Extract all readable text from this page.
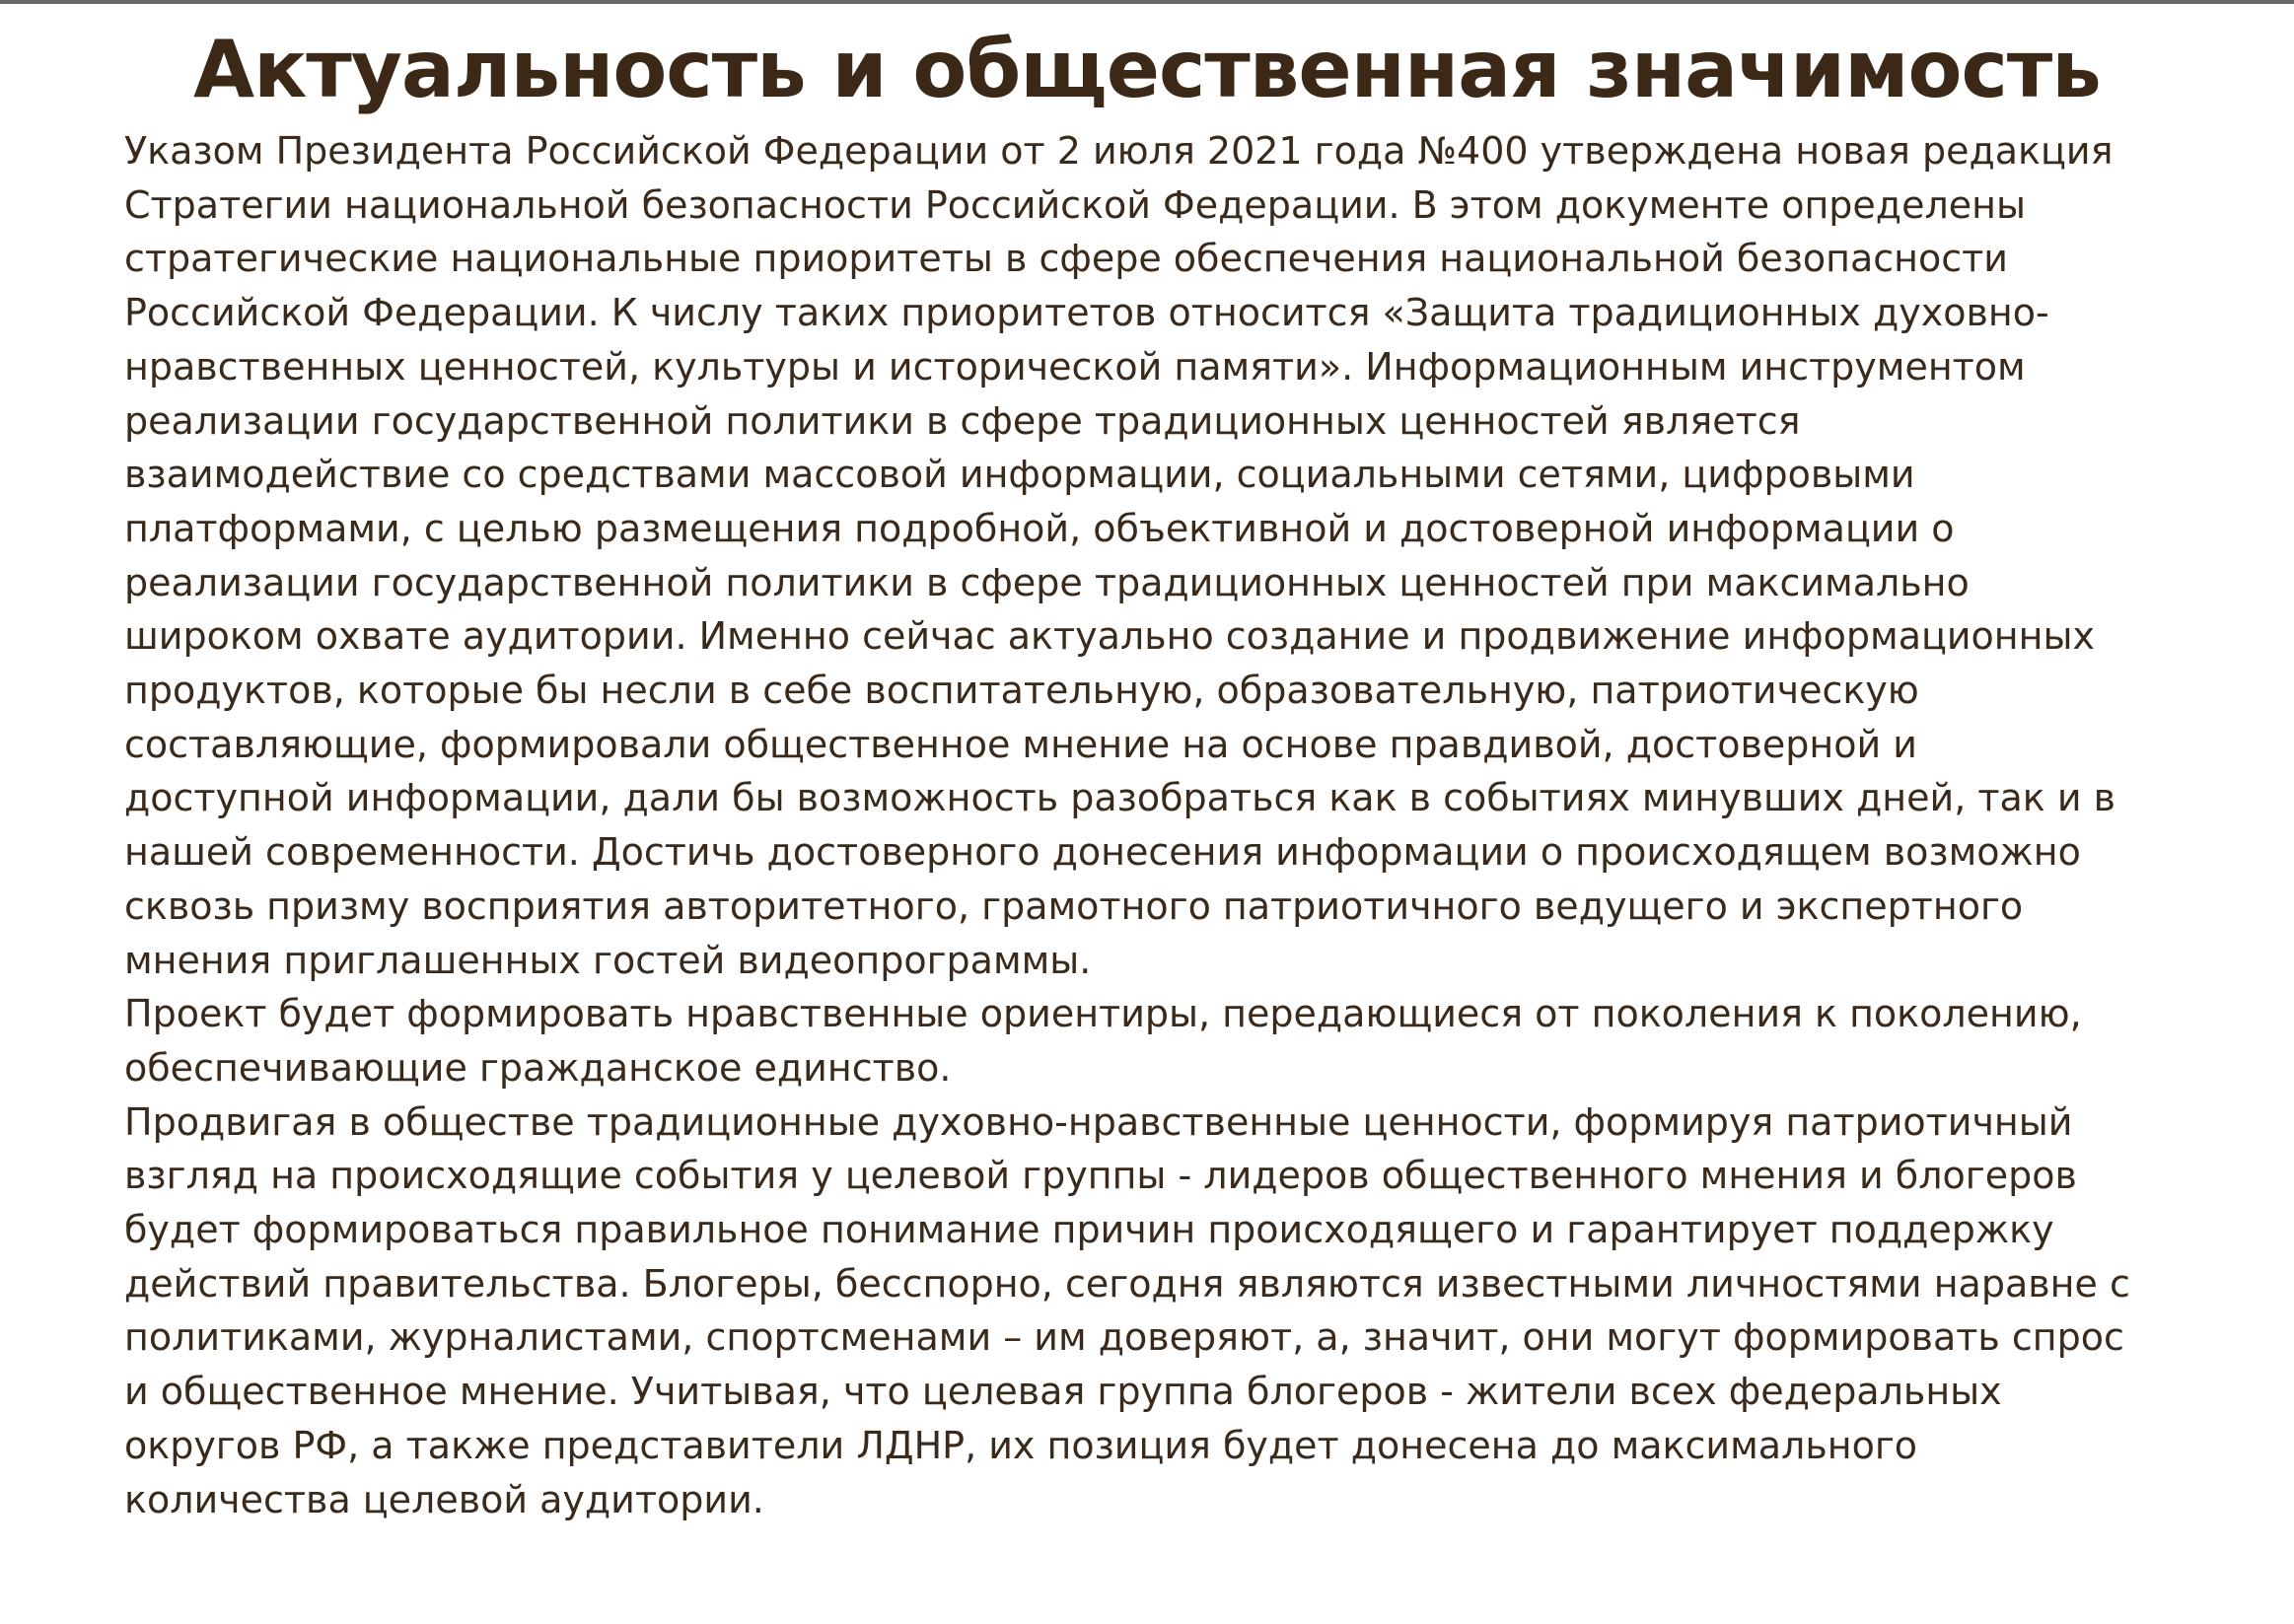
Актуальность и общественная значимость
Указом Президента Российской Федерации от 2 июля 2021 года №400 утверждена новая редакция
Стратегии национальной безопасности Российской Федерации. В этом документе определены
стратегические национальные приоритеты в сфере обеспечения национальной безопасности
Российской Федерации. К числу таких приоритетов относится «Защита традиционных духовно-
нравственных ценностей, культуры и исторической памяти». Информационным инструментом
реализации государственной политики в сфере традиционных ценностей является
взаимодействие со средствами массовой информации, социальными сетями, цифровыми
платформами, с целью размещения подробной, объективной и достоверной информации о
реализации государственной политики в сфере традиционных ценностей при максимально
широком охвате аудитории. Именно сейчас актуально создание и продвижение информационных
продуктов, которые бы несли в себе воспитательную, образовательную, патриотическую
составляющие, формировали общественное мнение на основе правдивой, достоверной и
доступной информации, дали бы возможность разобраться как в событиях минувших дней, так и в
нашей современности. Достичь достоверного донесения информации о происходящем возможно
сквозь призму восприятия авторитетного, грамотного патриотичного ведущего и экспертного
мнения приглашенных гостей видеопрограммы.
Проект будет формировать нравственные ориентиры, передающиеся от поколения к поколению,
обеспечивающие гражданское единство.
Продвигая в обществе традиционные духовно-нравственные ценности, формируя патриотичный
взгляд на происходящие события у целевой группы - лидеров общественного мнения и блогеров
будет формироваться правильное понимание причин происходящего и гарантирует поддержку
действий правительства. Блогеры, бесспорно, сегодня являются известными личностями наравне с
политиками, журналистами, спортсменами – им доверяют, а, значит, они могут формировать спрос
и общественное мнение. Учитывая, что целевая группа блогеров - жители всех федеральных
округов РФ, а также представители ЛДНР, их позиция будет донесена до максимального
количества целевой аудитории.
